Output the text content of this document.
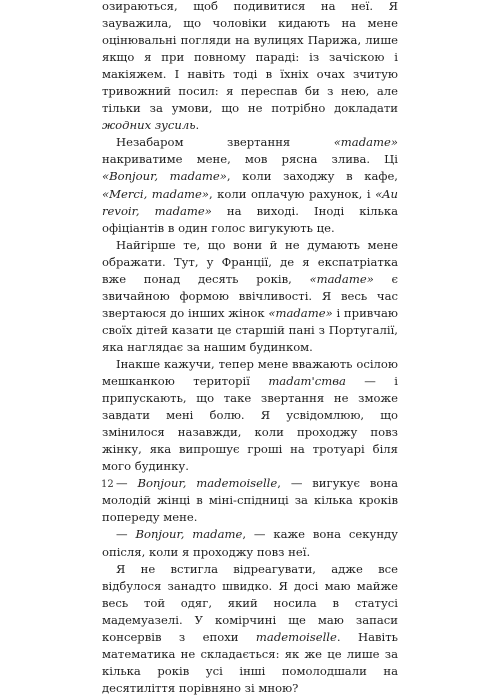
озираються, щоб подивитися на неї. Я зауважила, що чоловіки кидають на мене оцінювальні погляди на вулицях Парижа, лише якщо я при повному параді: із зачіскою і макіяжем. І навіть тоді в їхніх очах зчитую тривожний посил: я переспав би з нею, але тільки за умови, що не потрібно докладати жодних зусиль.

Незабаром звертання «madame» накриватиме мене, мов рясна злива. Ці «Bonjour, madame», коли заходжу в кафе, «Merci, madame», коли оплачую рахунок, і «Au revoir, madame» на виході. Іноді кілька офіціантів в один голос вигукують це.

Найгірше те, що вони й не думають мене ображати. Тут, у Франції, де я експатріатка вже понад десять років, «madame» є звичайною формою ввічливості. Я весь час звертаюся до інших жінок «madame» і привчаю своїх дітей казати це старшій пані з Португалії, яка наглядає за нашим будинком.

Інакше кажучи, тепер мене вважають осілою мешканкою території madam'ства — і припускають, що таке звертання не зможе завдати мені болю. Я усвідомлюю, що змінилося назавжди, коли проходжу повз жінку, яка випрошує гроші на тротуарі біля мого будинку.

— Bonjour, mademoiselle, — вигукує вона молодій жінці в міні-спідниці за кілька кроків попереду мене.

— Bonjour, madame, — каже вона секунду опісля, коли я проходжу повз неї.

Я не встигла відреагувати, адже все відбулося занадто швидко. Я досі маю майже весь той одяг, який носила в статусі мадемуазелі. У комірчині ще маю запаси консервів з епохи mademoiselle. Навіть математика не складається: як же це лише за кілька років усі інші помолодшали на десятиліття порівняно зі мною?

12
